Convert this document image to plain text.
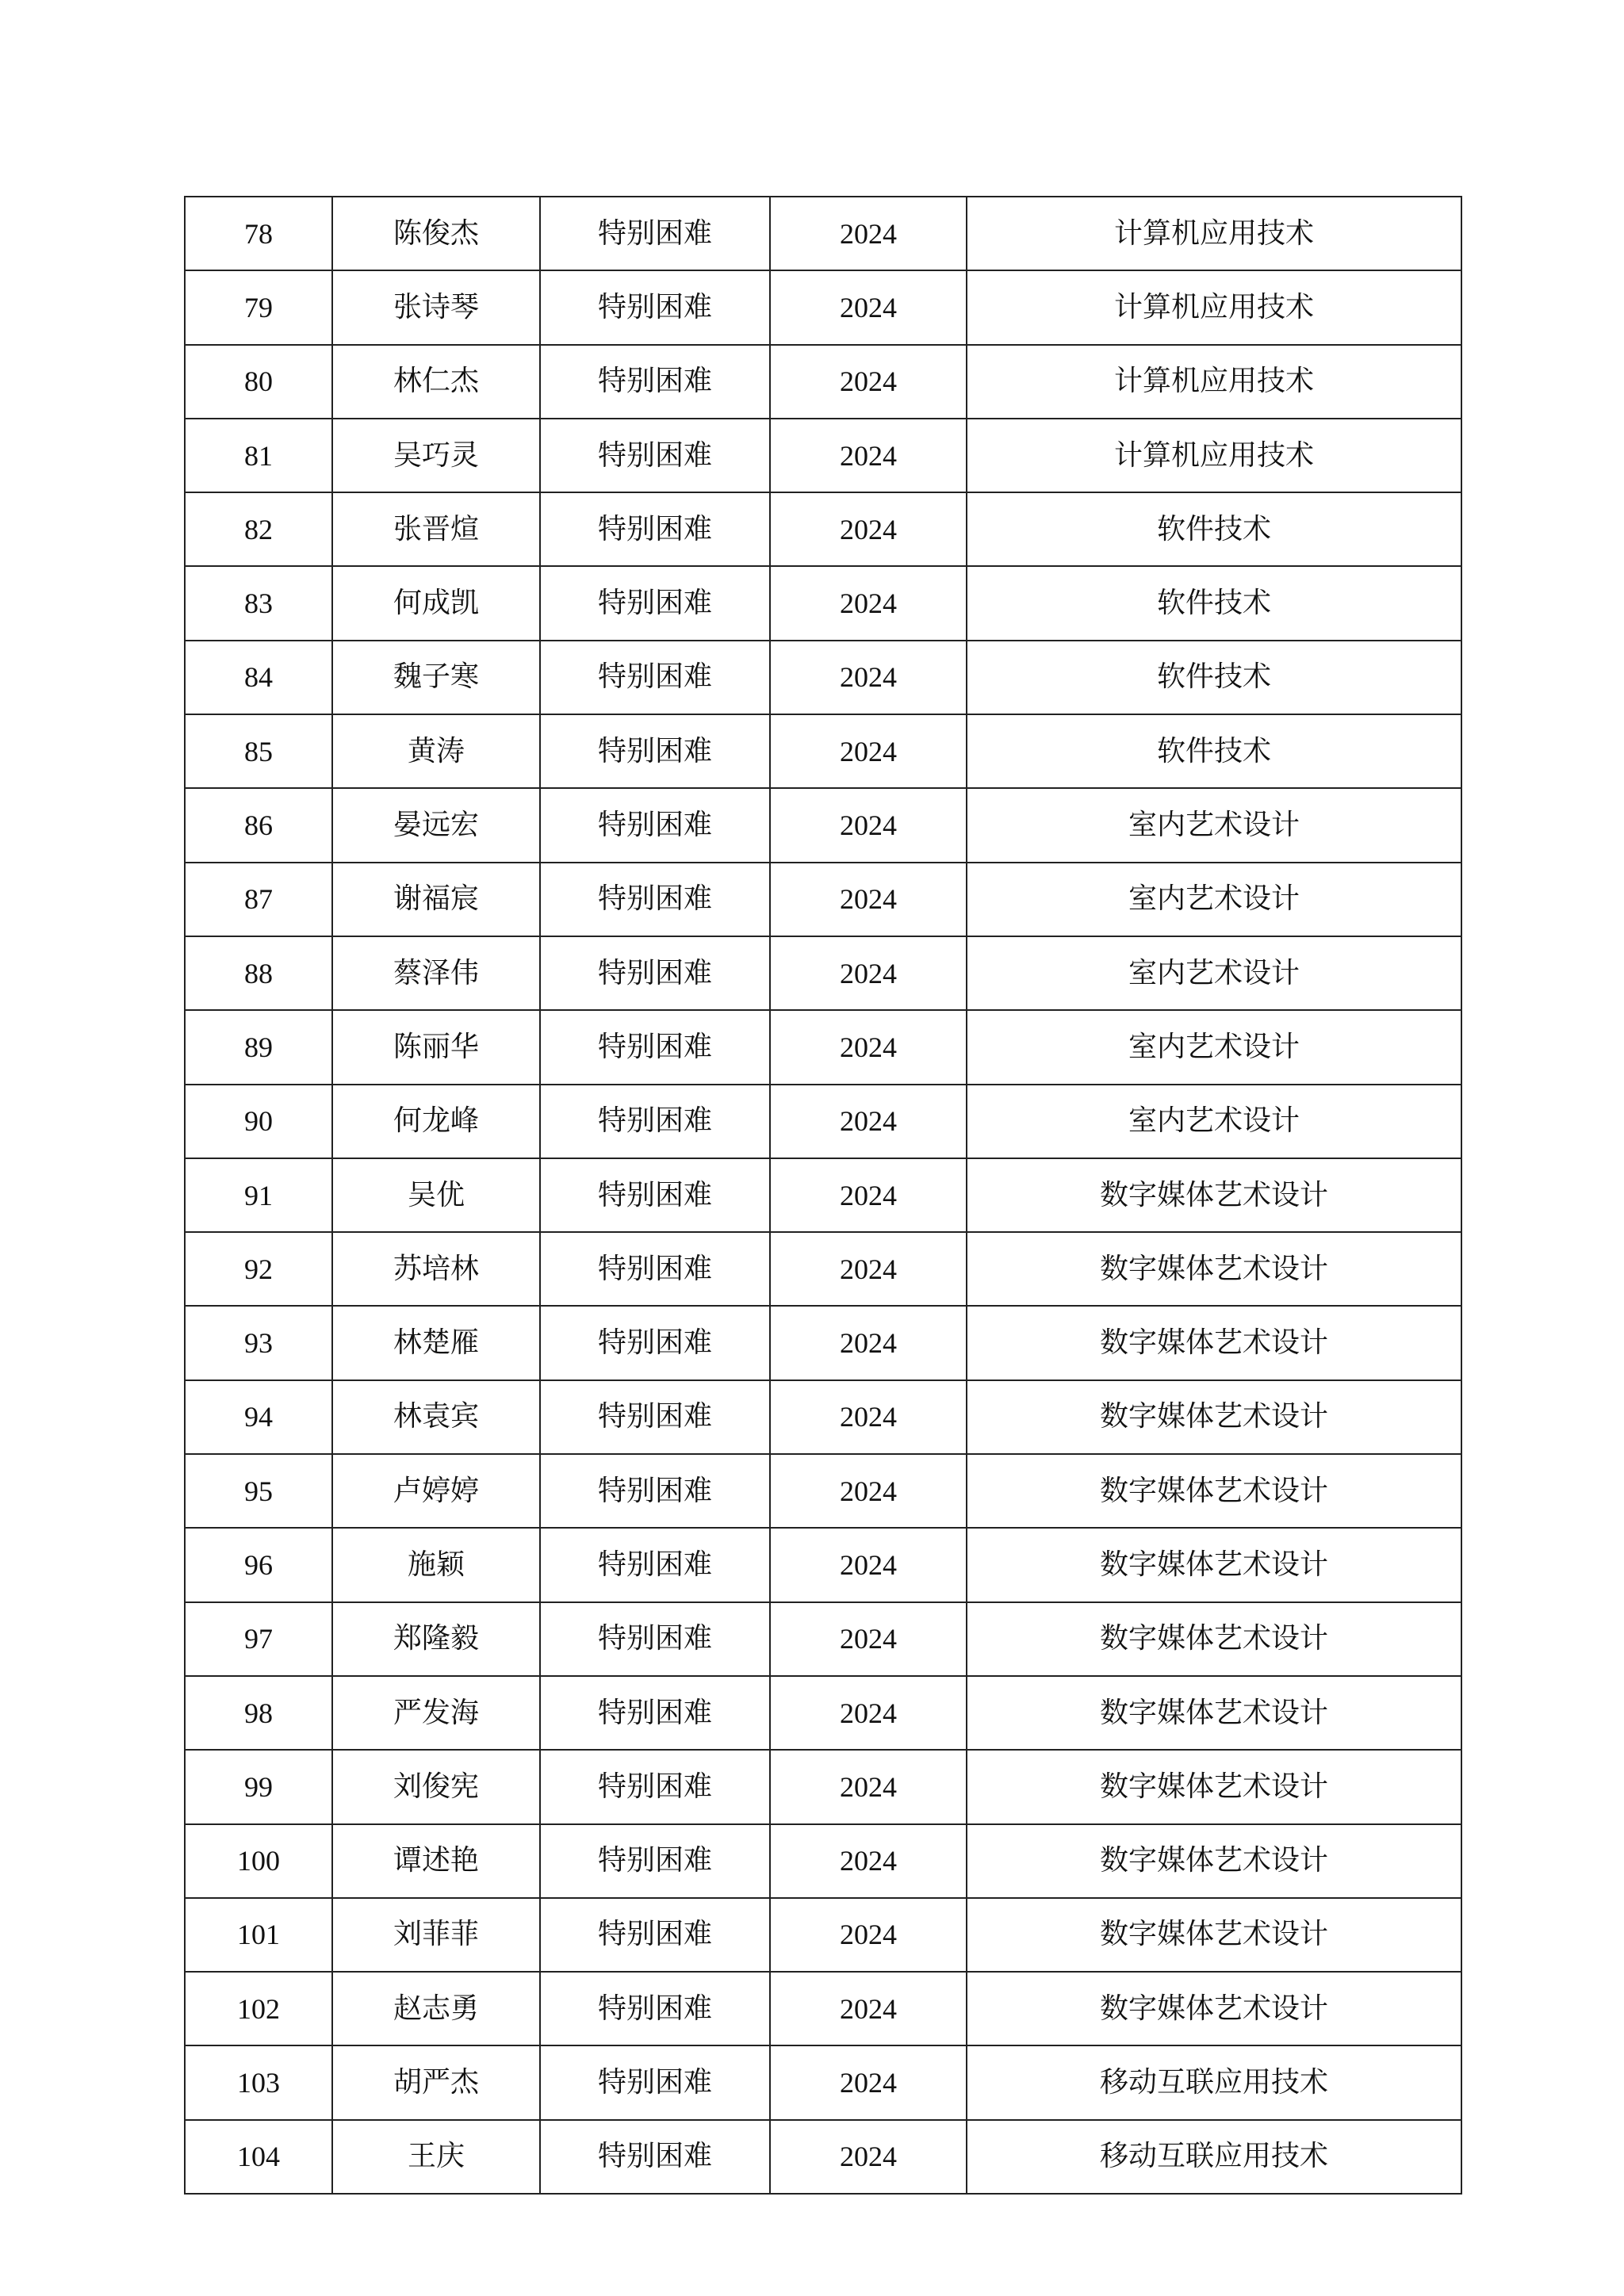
78	陈俊杰	特别困难	2024	计算机应用技术
79	张诗琴	特别困难	2024	计算机应用技术
80	林仁杰	特别困难	2024	计算机应用技术
81	吴巧灵	特别困难	2024	计算机应用技术
82	张晋煊	特别困难	2024	软件技术
83	何成凯	特别困难	2024	软件技术
84	魏子寒	特别困难	2024	软件技术
85	黄涛	特别困难	2024	软件技术
86	晏远宏	特别困难	2024	室内艺术设计
87	谢福宸	特别困难	2024	室内艺术设计
88	蔡泽伟	特别困难	2024	室内艺术设计
89	陈丽华	特别困难	2024	室内艺术设计
90	何龙峰	特别困难	2024	室内艺术设计
91	吴优	特别困难	2024	数字媒体艺术设计
92	苏培林	特别困难	2024	数字媒体艺术设计
93	林楚雁	特别困难	2024	数字媒体艺术设计
94	林袁宾	特别困难	2024	数字媒体艺术设计
95	卢婷婷	特别困难	2024	数字媒体艺术设计
96	施颖	特别困难	2024	数字媒体艺术设计
97	郑隆毅	特别困难	2024	数字媒体艺术设计
98	严发海	特别困难	2024	数字媒体艺术设计
99	刘俊宪	特别困难	2024	数字媒体艺术设计
100	谭述艳	特别困难	2024	数字媒体艺术设计
101	刘菲菲	特别困难	2024	数字媒体艺术设计
102	赵志勇	特别困难	2024	数字媒体艺术设计
103	胡严杰	特别困难	2024	移动互联应用技术
104	王庆	特别困难	2024	移动互联应用技术
